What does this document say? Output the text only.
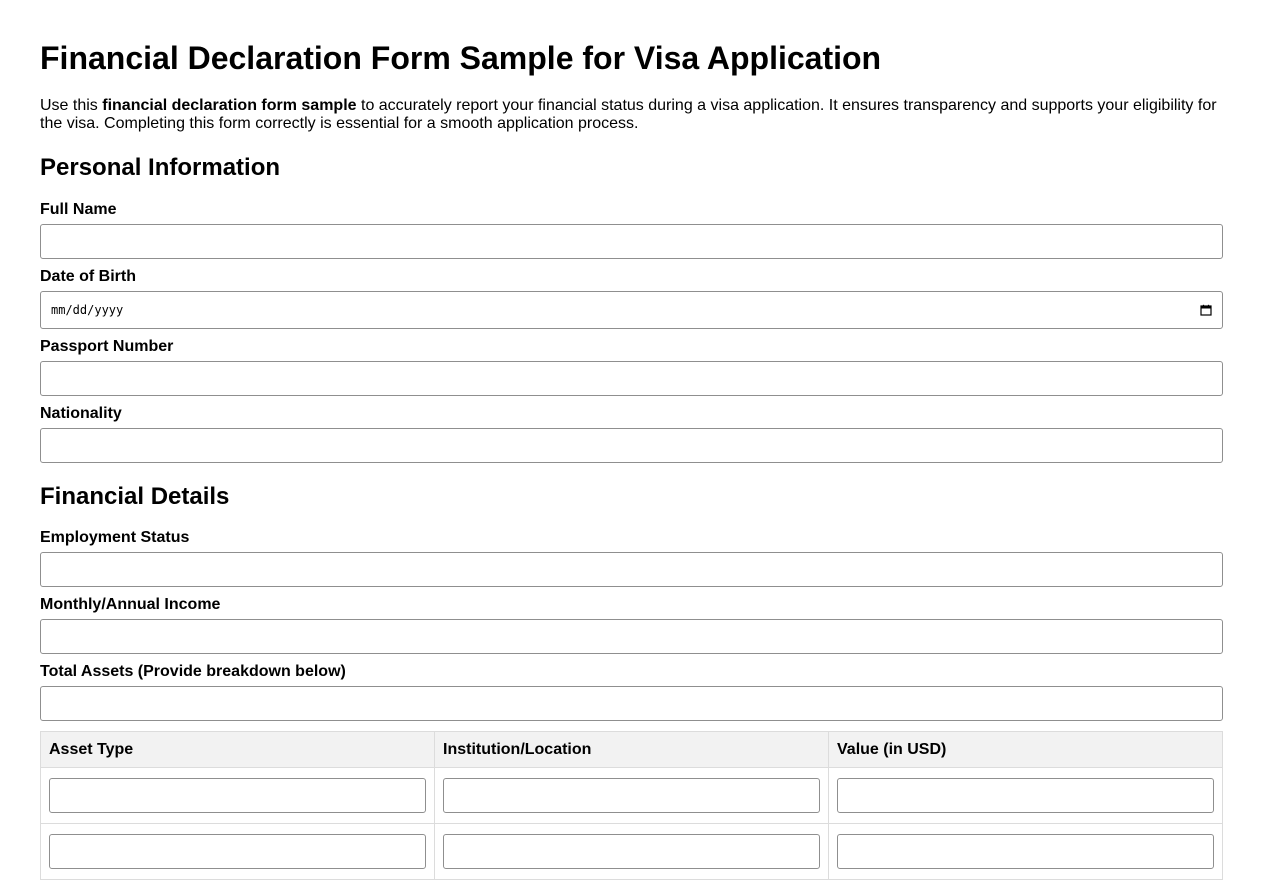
Financial Declaration Form Sample for Visa Application

Use this financial declaration form sample to accurately report your financial status during a visa application. It ensures transparency and supports your eligibility for the visa. Completing this form correctly is essential for a smooth application process.

Personal Information
Full Name
Date of Birth
mm/dd/yyyy
Passport Number
Nationality
Financial Details
Employment Status
Monthly/Annual Income
Total Assets (Provide breakdown below)
Asset Type	Institution/Location	Value (in USD)
